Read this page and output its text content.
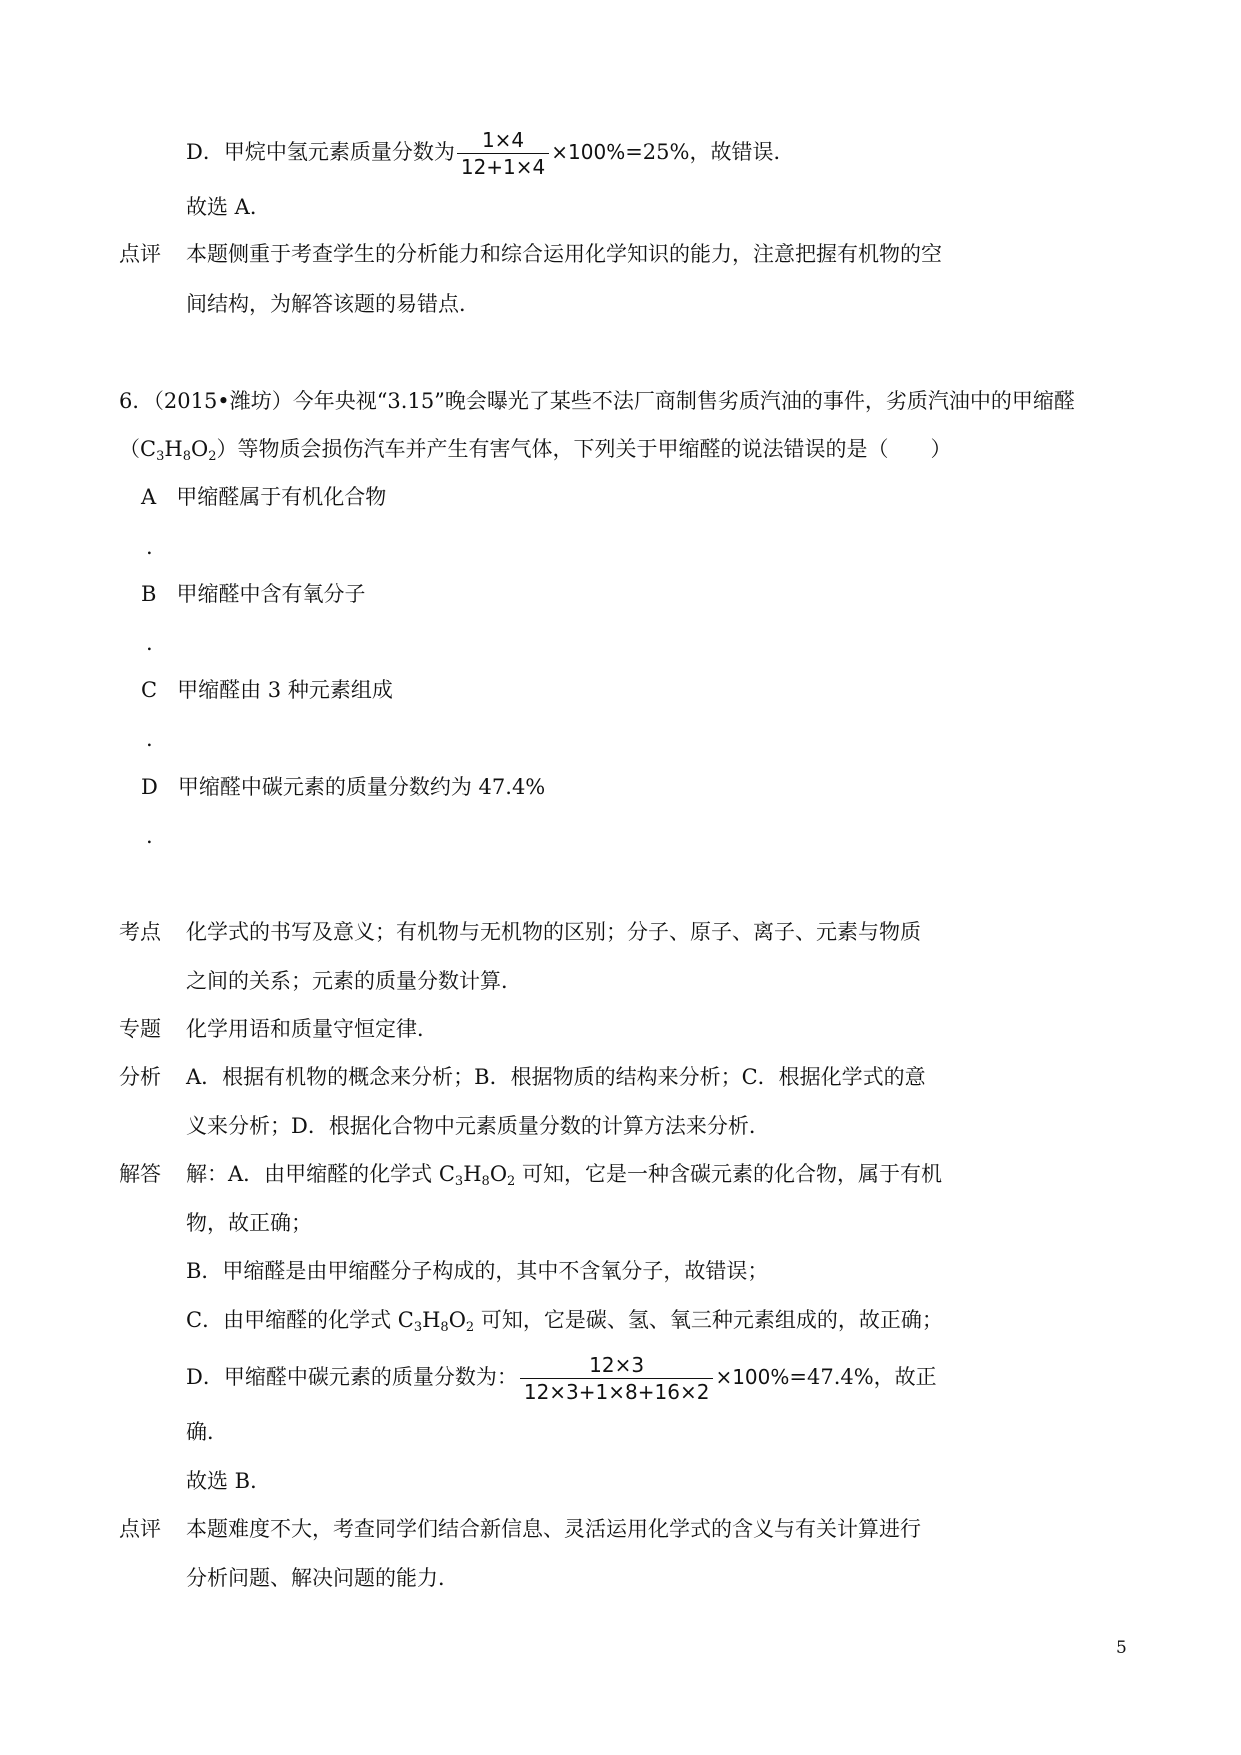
D．甲烷中氢元素质量分数为 $\frac{1\times 4}{12+1\times 4} \times 100\%=25\%$，故错误．
故选 A．
点评 本题侧重于考查学生的分析能力和综合运用化学知识的能力，注意把握有机物的空
间结构，为解答该题的易错点．
6．（2015•潍坊）今年央视“3.15”晚会曝光了某些不法厂商制售劣质汽油的事件，劣质汽油中的甲缩醛
$(C_3H_8O_2)$等物质会损伤汽车并产生有害气体，下列关于甲缩醛的说法错误的是（　　）
A 甲缩醛属于有机化合物
.
B 甲缩醛中含有氧分子
.
C 甲缩醛由 3 种元素组成
.
D 甲缩醛中碳元素的质量分数约为 47.4%
.
考点 化学式的书写及意义；有机物与无机物的区别；分子、原子、离子、元素与物质
之间的关系；元素的质量分数计算．
专题 化学用语和质量守恒定律．
分析 A．根据有机物的概念来分析；B．根据物质的结构来分析；C．根据化学式的意
义来分析；D．根据化合物中元素质量分数的计算方法来分析．
解答 解：A．由甲缩醛的化学式 $C_3H_8O_2$ 可知，它是一种含碳元素的化合物，属于有机
物，故正确；
B．甲缩醛是由甲缩醛分子构成的，其中不含氧分子，故错误；
C．由甲缩醛的化学式 $C_3H_8O_2$ 可知，它是碳、氢、氧三种元素组成的，故正确；
D．甲缩醛中碳元素的质量分数为： $\frac{12\times 3}{12\times 3+1\times 8+16\times 2} \times 100\%=47.4\%$，故正
确．
故选 B．
点评 本题难度不大，考查同学们结合新信息、灵活运用化学式的含义与有关计算进行
分析问题、解决问题的能力．
5
